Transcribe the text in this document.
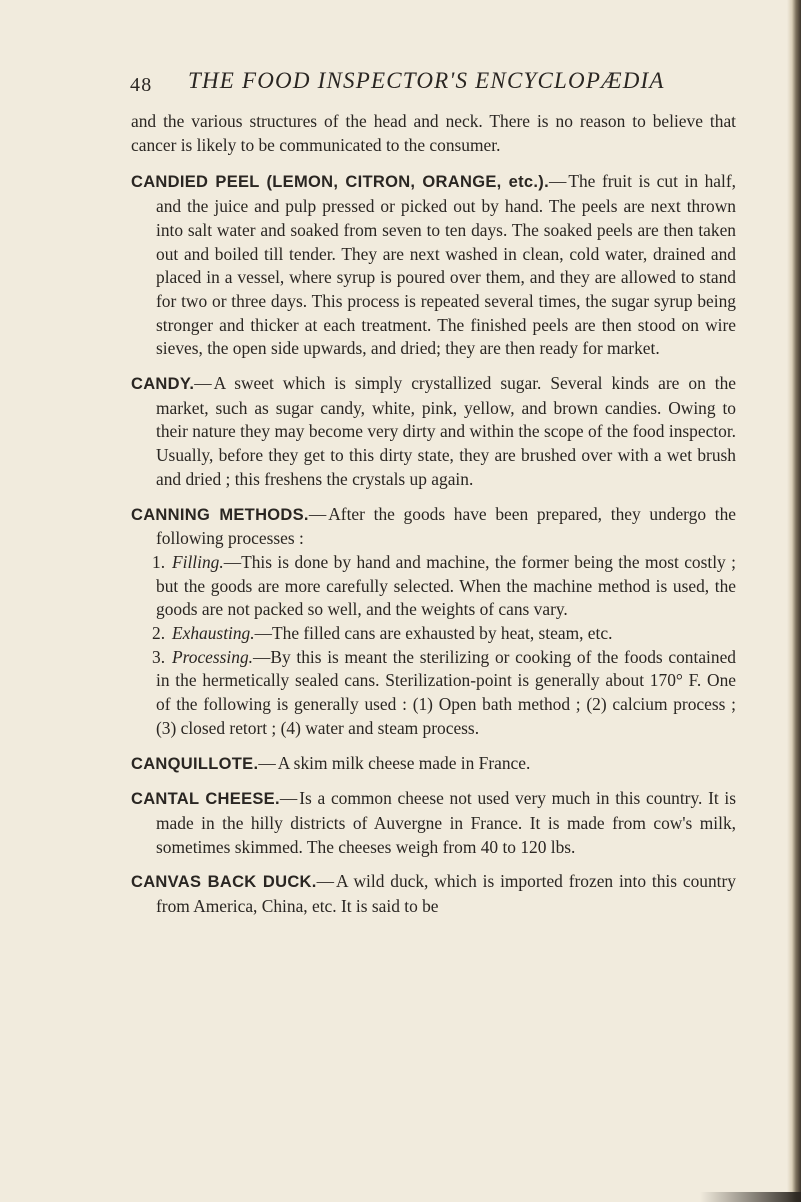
48 THE FOOD INSPECTOR'S ENCYCLOPÆDIA

and the various structures of the head and neck. There is no reason to believe that cancer is likely to be communicated to the consumer.

CANDIED PEEL (LEMON, CITRON, ORANGE, etc.).— The fruit is cut in half, and the juice and pulp pressed or picked out by hand. The peels are next thrown into salt water and soaked from seven to ten days. The soaked peels are then taken out and boiled till tender. They are next washed in clean, cold water, drained and placed in a vessel, where syrup is poured over them, and they are allowed to stand for two or three days. This process is repeated several times, the sugar syrup being stronger and thicker at each treatment. The finished peels are then stood on wire sieves, the open side upwards, and dried; they are then ready for market.

CANDY.— A sweet which is simply crystallized sugar. Several kinds are on the market, such as sugar candy, white, pink, yellow, and brown candies. Owing to their nature they may become very dirty and within the scope of the food inspector. Usually, before they get to this dirty state, they are brushed over with a wet brush and dried ; this freshens the crystals up again.

CANNING METHODS.— After the goods have been prepared, they undergo the following processes :

1. Filling.—This is done by hand and machine, the former being the most costly ; but the goods are more carefully selected. When the machine method is used, the goods are not packed so well, and the weights of cans vary.

2. Exhausting.—The filled cans are exhausted by heat, steam, etc.

3. Processing.—By this is meant the sterilizing or cooking of the foods contained in the hermetically sealed cans. Sterilization-point is generally about 170° F. One of the following is generally used : (1) Open bath method ; (2) calcium process ; (3) closed retort ; (4) water and steam process.

CANQUILLOTE.— A skim milk cheese made in France.

CANTAL CHEESE.— Is a common cheese not used very much in this country. It is made in the hilly districts of Auvergne in France. It is made from cow's milk, sometimes skimmed. The cheeses weigh from 40 to 120 lbs.

CANVAS BACK DUCK.— A wild duck, which is imported frozen into this country from America, China, etc. It is said to be
